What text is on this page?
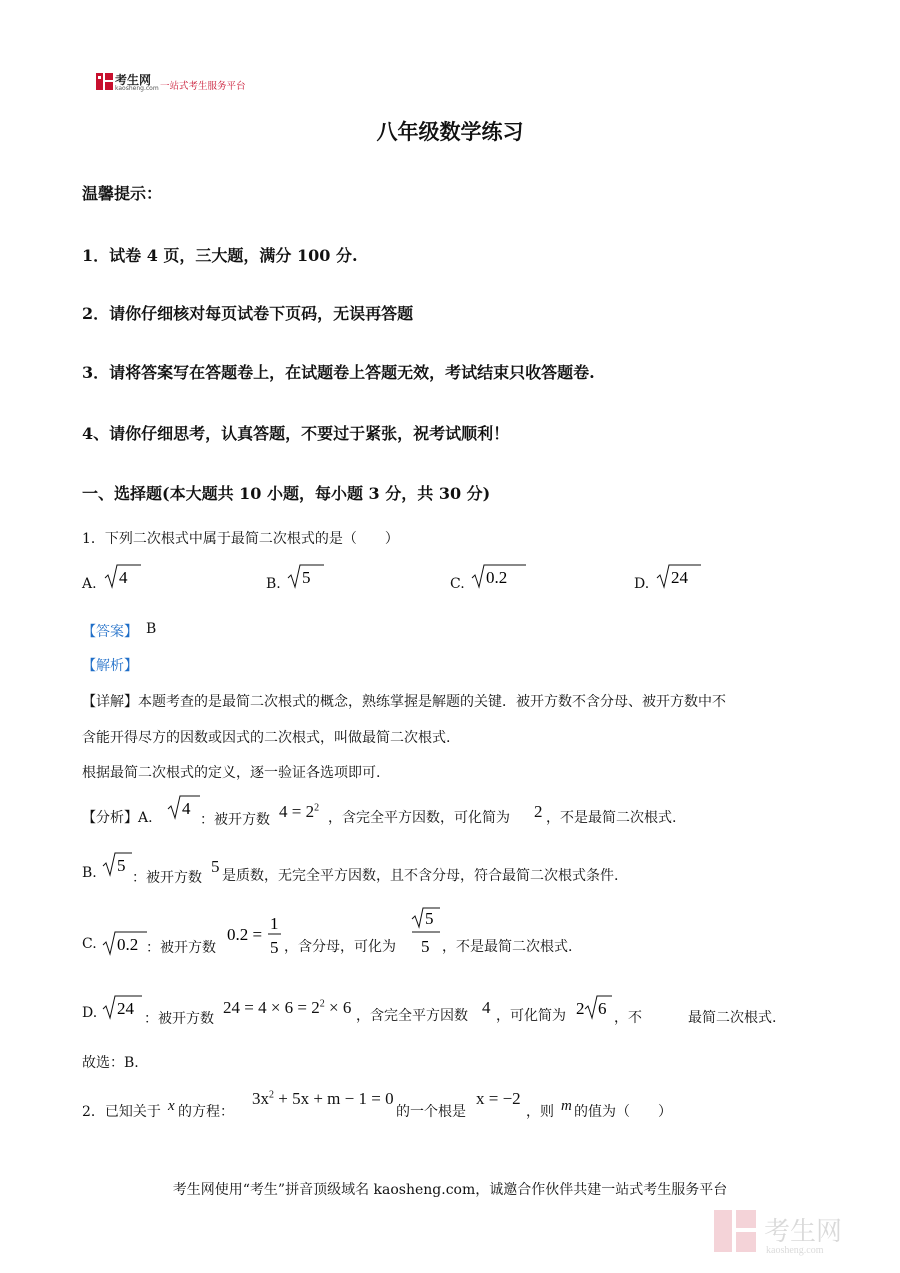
考生网
kaosheng.com 一站式考生服务平台
八年级数学练习
温馨提示：
1．试卷 4 页，三大题，满分 100 分.
2．请你仔细核对每页试卷下页码，无误再答题
3．请将答案写在答题卷上，在试题卷上答题无效，考试结束只收答题卷.
4、请你仔细思考，认真答题，不要过于紧张，祝考试顺利！
一、选择题(本大题共 10 小题，每小题 3 分，共 30 分)
1．下列二次根式中属于最简二次根式的是（　　）
A. 4	B. 5	C. 0.2	D. 24
【答案】 B
【解析】
【详解】本题考查的是最简二次根式的概念，熟练掌握是解题的关键．被开方数不含分母、被开方数中不
含能开得尽方的因数或因式的二次根式，叫做最简二次根式.
根据最简二次根式的定义，逐一验证各选项即可.
【分析】A. 4
：被开方数 $4 = 2^2$
，含完全平方因数，可化简为 2 ，不是最简二次根式.
B. 5
：被开方数
5 是质数，无完全平方因数，且不含分母，符合最简二次根式条件.
C. 0.2 ：被开方数
0.2 =
1
5 ，含分母，可化为
5
5 ，不是最简二次根式.
D. 24
：被开方数
$24 = 4 \times 6 = 2^2 \times 6$ ，含完全平方因数 4 ，可化简为 2 6 ，不	最简二次根式.
故选：B.
2．已知关于 x 的方程：
$3x^2 + 5x + m - 1 = 0$
的一个根是
x = −2
，则 m 的值为（　　）
考生网使用“考生”拼音顶级域名 kaosheng.com，诚邀合作伙伴共建一站式考生服务平台
考生网
kaosheng.com
